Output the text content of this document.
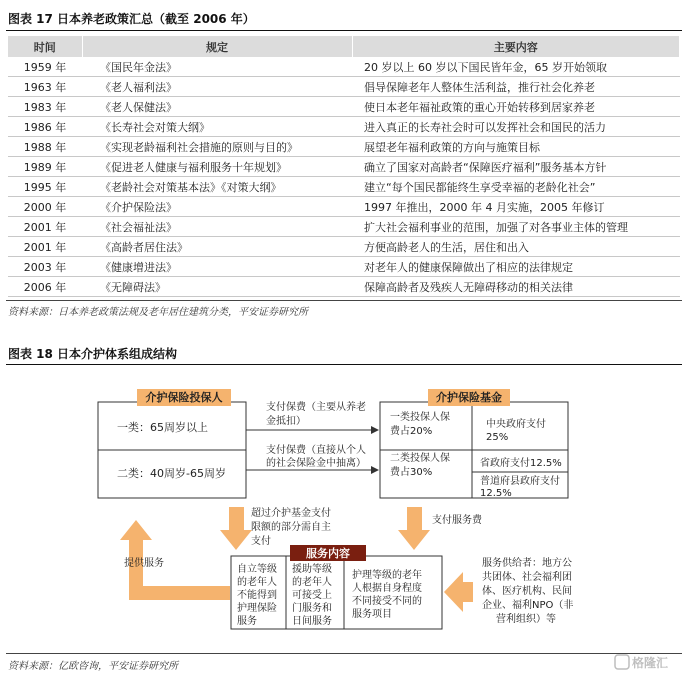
图表 17 日本养老政策汇总（截至 2006 年）
时间	规定	主要内容
1959 年	《国民年金法》	20 岁以上 60 岁以下国民皆年金，65 岁开始领取
1963 年	《老人福利法》	倡导保障老年人整体生活利益，推行社会化养老
1983 年	《老人保健法》	使日本老年福祉政策的重心开始转移到居家养老
1986 年	《长寿社会对策大纲》	进入真正的长寿社会时可以发挥社会和国民的活力
1988 年	《实现老龄福利社会措施的原则与目的》	展望老年福利政策的方向与施策目标
1989 年	《促进老人健康与福利服务十年规划》	确立了国家对高龄者“保障医疗福利”服务基本方针
1995 年	《老龄社会对策基本法》《对策大纲》	建立“每个国民都能终生享受幸福的老龄化社会”
2000 年	《介护保险法》	1997 年推出，2000 年 4 月实施，2005 年修订
2001 年	《社会福祉法》	扩大社会福利事业的范围，加强了对各事业主体的管理
2001 年	《高龄者居住法》	方便高龄老人的生活，居住和出入
2003 年	《健康增进法》	对老年人的健康保障做出了相应的法律规定
2006 年	《无障碍法》	保障高龄者及残疾人无障碍移动的相关法律
资料来源：日本养老政策法规及老年居住建筑分类，平安证券研究所
图表 18 日本介护体系组成结构
介护保险投保人
一类：65周岁以上
二类：40周岁-65周岁
支付保费（主要从养老 金抵扣）
支付保费（直接从个人 的社会保险金中抽离）
介护保险基金
一类投保人保 费占20%
二类投保人保 费占30%
中央政府支付 25%
省政府支付12.5%
普道府县政府支付 12.5%
超过介护基金支付 限额的部分需自主 支付
支付服务费
提供服务
服务内容
自立等级 的老年人 不能得到 护理保险 服务
援助等级 的老年人 可接受上 门服务和 日间服务
护理等级的老年 人根据自身程度 不同接受不同的 服务项目
服务供给者：地方公 共团体、社会福利团 体、医疗机构、民间 企业、福利NPO（非 营利组织）等
格隆汇
资料来源：亿欧咨询，平安证券研究所
